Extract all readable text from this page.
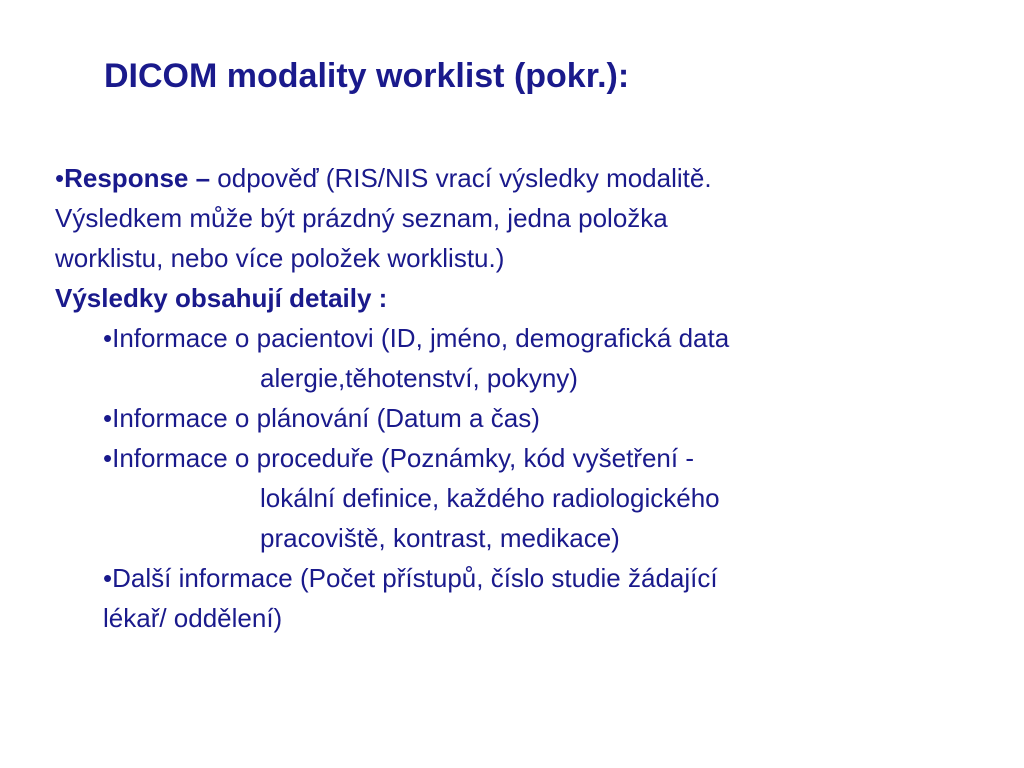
DICOM modality worklist (pokr.):
•Response – odpověď (RIS/NIS vrací výsledky modalitě.
Výsledkem může být prázdný seznam, jedna položka
worklistu, nebo více položek worklistu.)
Výsledky obsahují detaily :
•Informace o pacientovi (ID, jméno, demografická data
alergie,těhotenství, pokyny)
•Informace o plánování (Datum a čas)
•Informace o proceduře (Poznámky, kód vyšetření -
lokální definice, každého radiologického
pracoviště, kontrast, medikace)
•Další informace (Počet přístupů, číslo studie žádající
lékař/ oddělení)
